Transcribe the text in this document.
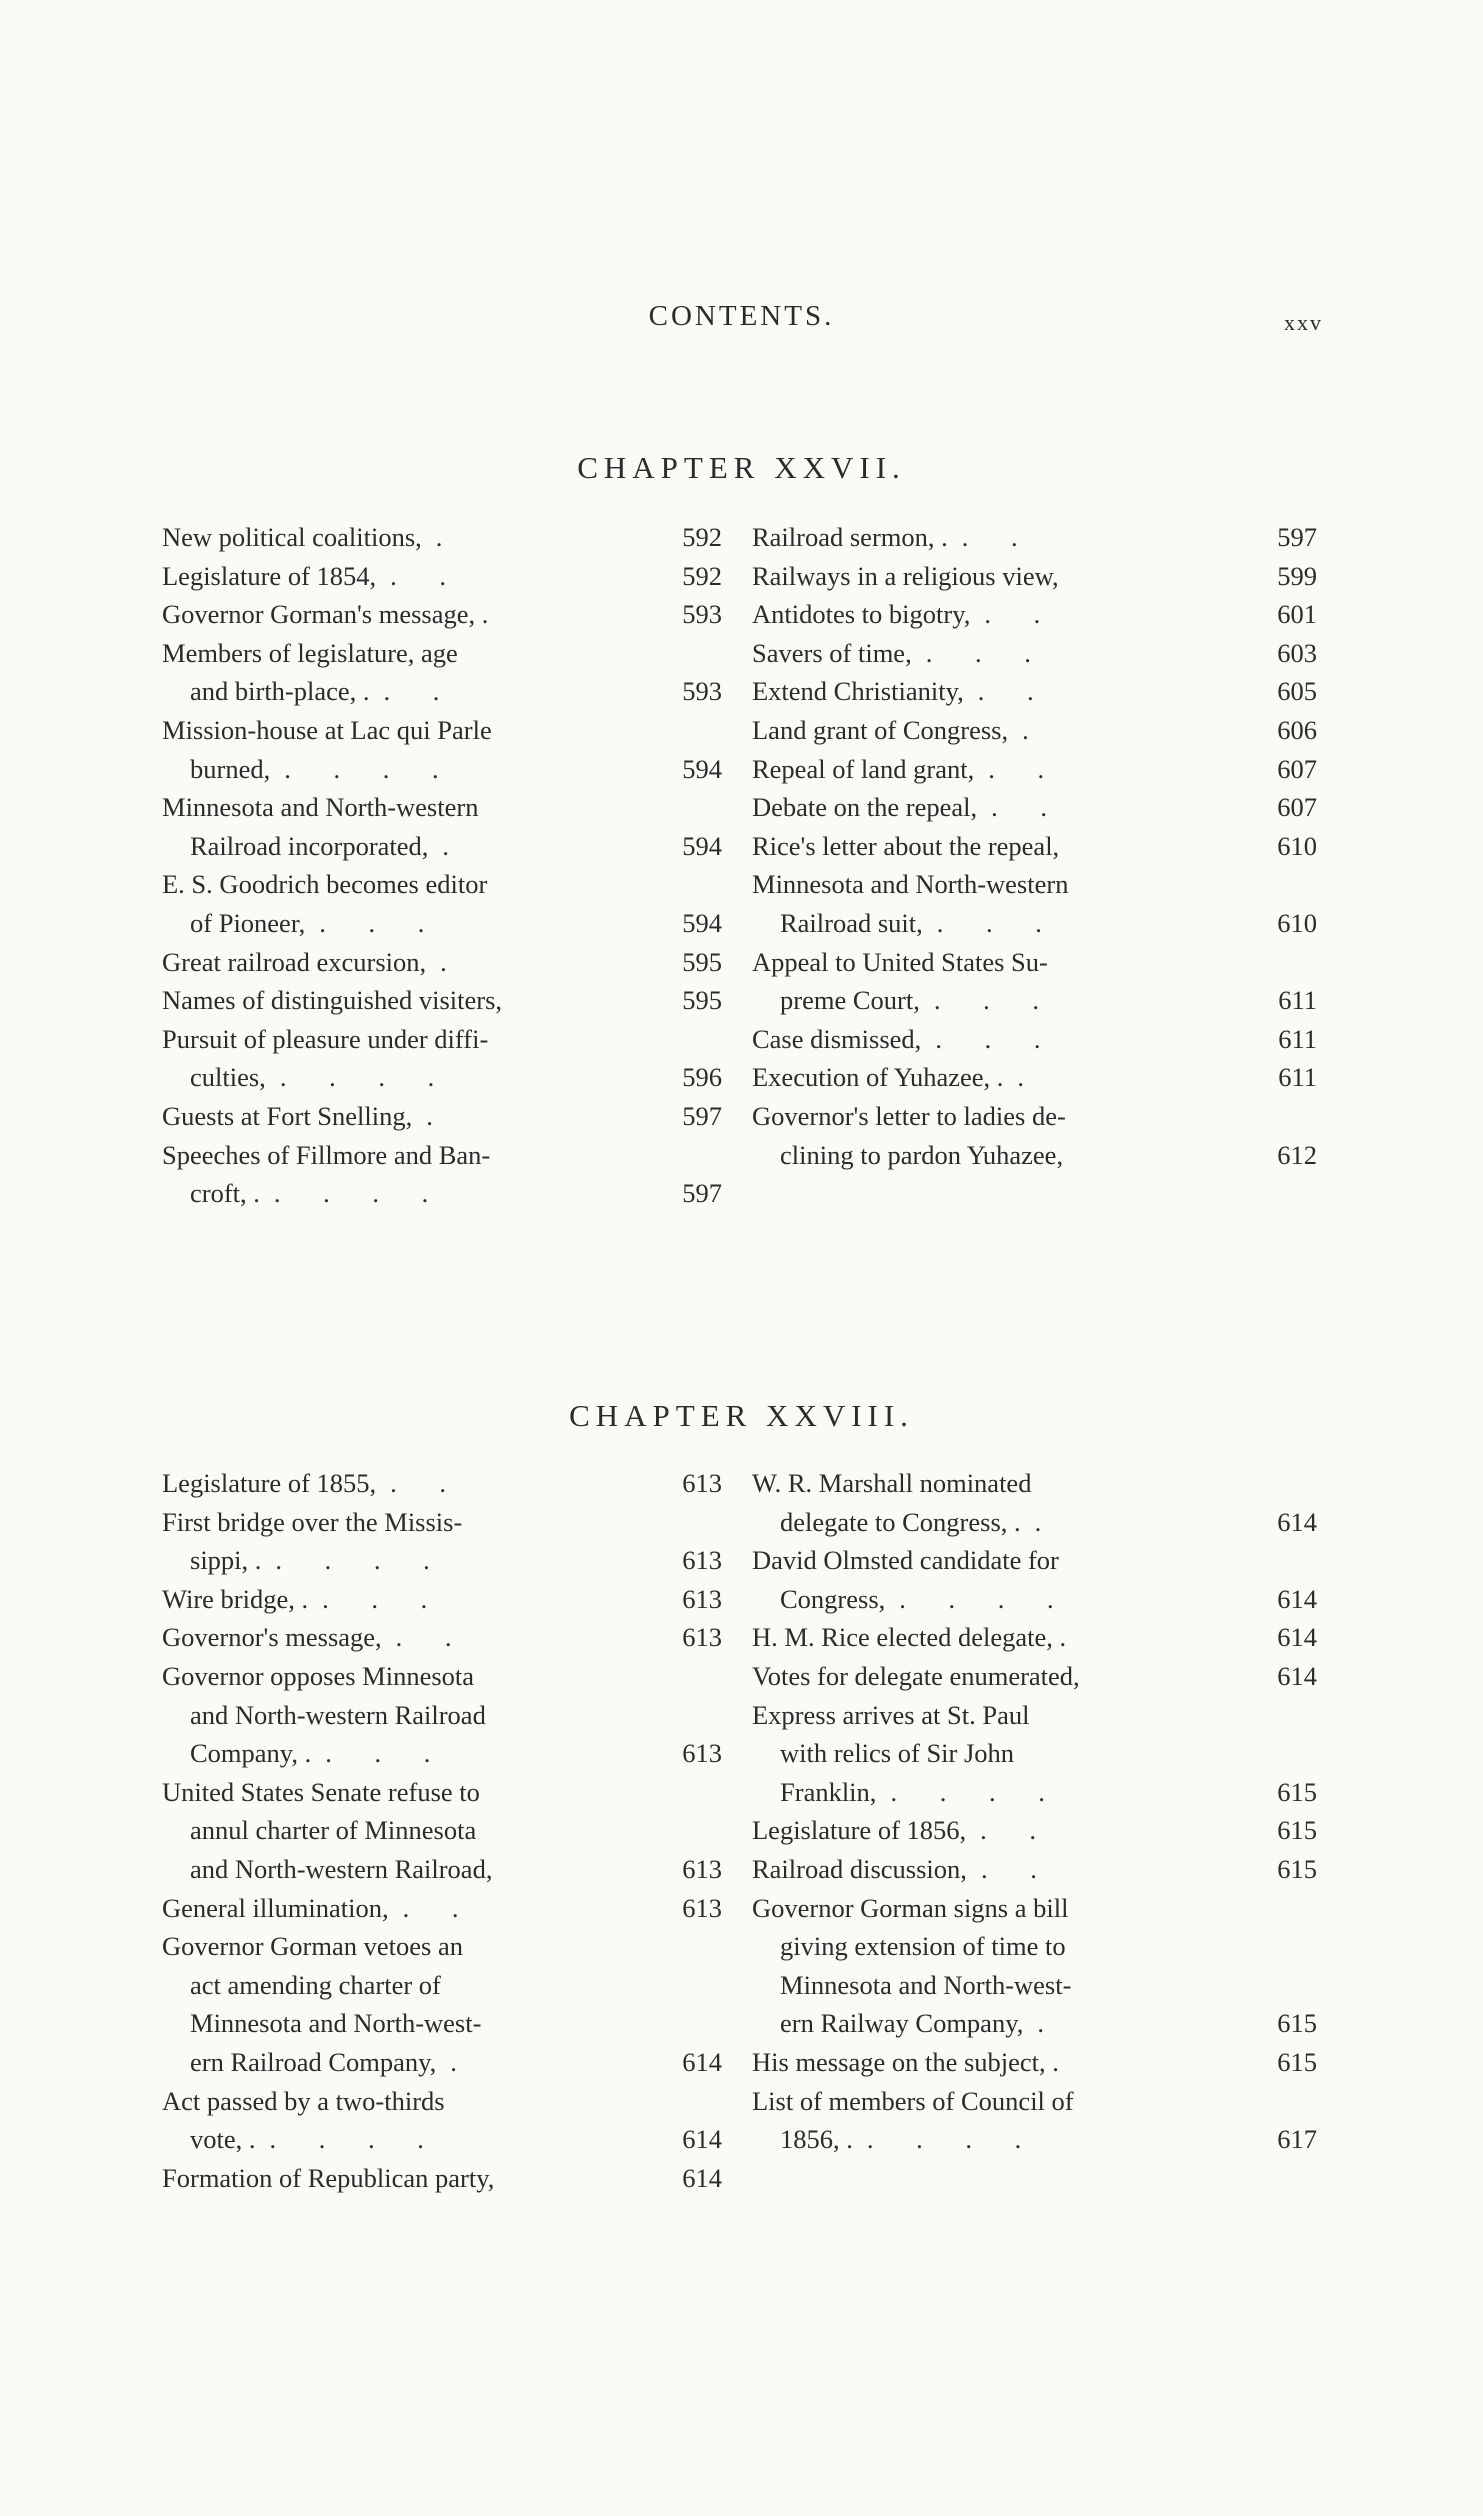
CONTENTS.	xxv
CHAPTER XXVII.
New political coalitions, .	592
Legislature of 1854, . .	592
Governor Gorman's message, .	593
Members of legislature, age
and birth-place, . . .	593
Mission-house at Lac qui Parle
burned, . . . .	594
Minnesota and North-western
Railroad incorporated, .	594
E. S. Goodrich becomes editor
of Pioneer, . . .	594
Great railroad excursion, .	595
Names of distinguished visiters,	595
Pursuit of pleasure under diffi-
culties, . . . .	596
Guests at Fort Snelling, .	597
Speeches of Fillmore and Ban-
croft, . . . . .	597
Railroad sermon, . . .	597
Railways in a religious view,	599
Antidotes to bigotry, . .	601
Savers of time, . . .	603
Extend Christianity, . .	605
Land grant of Congress, .	606
Repeal of land grant, . .	607
Debate on the repeal, . .	607
Rice's letter about the repeal,	610
Minnesota and North-western
Railroad suit, . . .	610
Appeal to United States Su-
preme Court, . . .	611
Case dismissed, . . .	611
Execution of Yuhazee, . .	611
Governor's letter to ladies de-
clining to pardon Yuhazee,	612
CHAPTER XXVIII.
Legislature of 1855, . .	613
First bridge over the Missis-
sippi, . . . . .	613
Wire bridge, . . . .	613
Governor's message, . .	613
Governor opposes Minnesota
and North-western Railroad
Company, . . . .	613
United States Senate refuse to
annul charter of Minnesota
and North-western Railroad,	613
General illumination, . .	613
Governor Gorman vetoes an
act amending charter of
Minnesota and North-west-
ern Railroad Company, .	614
Act passed by a two-thirds
vote, . . . . .	614
Formation of Republican party,	614
W. R. Marshall nominated
delegate to Congress, . .	614
David Olmsted candidate for
Congress, . . . .	614
H. M. Rice elected delegate, .	614
Votes for delegate enumerated,	614
Express arrives at St. Paul
with relics of Sir John
Franklin, . . . .	615
Legislature of 1856, . .	615
Railroad discussion, . .	615
Governor Gorman signs a bill
giving extension of time to
Minnesota and North-west-
ern Railway Company, .	615
His message on the subject, .	615
List of members of Council of
1856, . . . . .	617
